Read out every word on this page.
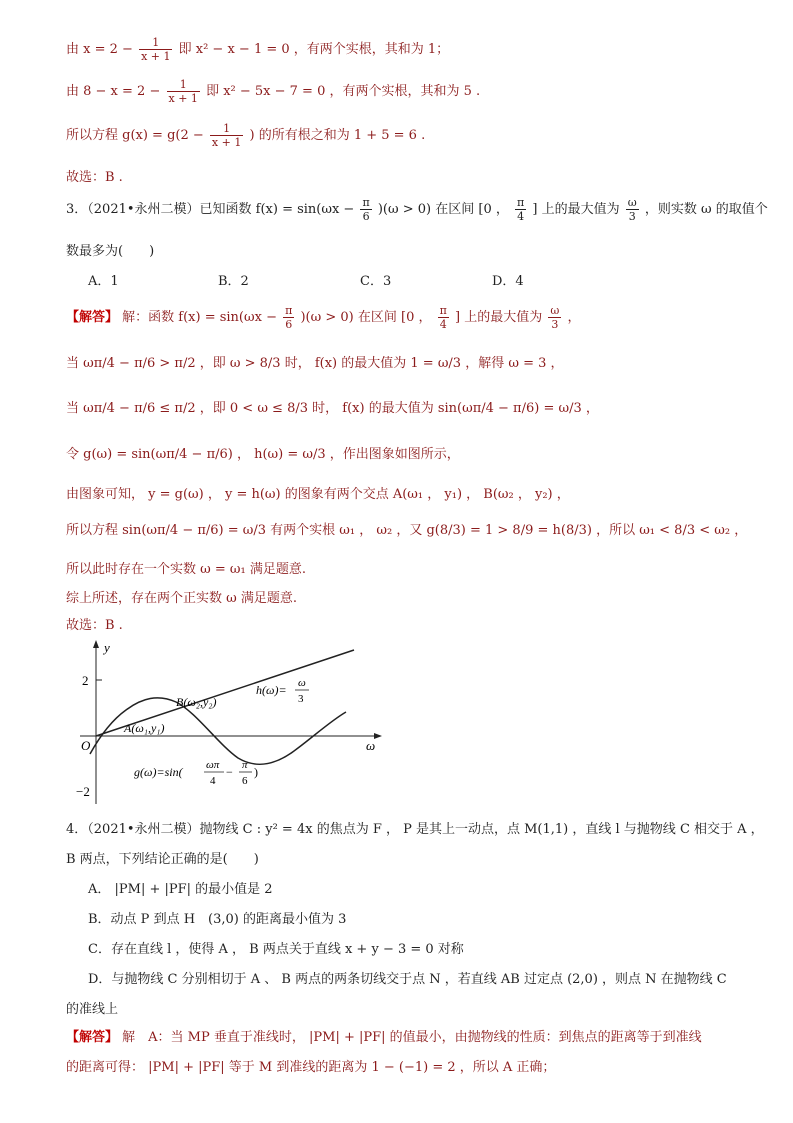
由 $x = 2 - \frac{1}{x + 1}$ 即 x² − x − 1 = 0 ，有两个实根，其和为 1；
由 $8 - x = 2 - \frac{1}{x + 1}$ 即 x² − 5x − 7 = 0 ，有两个实根，其和为 5 .
所以方程 $g(x) = g(2 - \frac{1}{x + 1}$ ) 的所有根之和为 1 + 5 = 6 .
故选：B .
3．（2021•永州二模）已知函数 $f(x) = \sin(\omega x - \frac{\pi}{6} )(\omega > 0)$ 在区间 [0 ， $\frac{\pi}{4}$ ] 上的最大值为 $\frac{\omega}{3}$ ，则实数 ω 的取值个
数最多为(　　)
A．1	B．2	C．3	D．4
【解答】 解：函数 $f(x) = \sin(\omega x - \frac{\pi}{6} )(\omega > 0)$ 在区间 [0 ， $\frac{\pi}{4}$ ] 上的最大值为 $\frac{\omega}{3}$ ，
当 ωπ/4 − π/6 > π/2 ，即 ω > 8/3 时， f(x) 的最大值为 1 = ω/3 ，解得 ω = 3 ，
当 ωπ/4 − π/6 ≤ π/2 ，即 0 < ω ≤ 8/3 时， f(x) 的最大值为 sin(ωπ/4 − π/6) = ω/3 ，
令 g(ω) = sin(ωπ/4 − π/6) ， h(ω) = ω/3 ，作出图象如图所示，
由图象可知， y = g(ω) ， y = h(ω) 的图象有两个交点 A(ω₁ ， y₁) ， B(ω₂ ， y₂) ，
所以方程 sin(ωπ/4 − π/6) = ω/3 有两个实根 ω₁ ， ω₂ ，又 g(8/3) = 1 > 8/9 = h(8/3) ，所以 ω₁ < 8/3 < ω₂ ，
所以此时存在一个实数 ω = ω₁ 满足题意.
综上所述，存在两个正实数 ω 满足题意.
故选：B .
y
ω
O
2
−2
B(ω₂,y₂)
A(ω₁,y₁)
h(ω)= ω
3
g(ω)=sin( ωπ
4
− π
6
)
4．（2021•永州二模）抛物线 C : y² = 4x 的焦点为 F ， P 是其上一动点，点 M(1,1) ，直线 l 与抛物线 C 相交于 A ，
B 两点，下列结论正确的是(　　)
A． |PM| + |PF| 的最小值是 2
B．动点 P 到点 H　(3,0) 的距离最小值为 3
C．存在直线 l ，使得 A ， B 两点关于直线 x + y − 3 = 0 对称
D．与抛物线 C 分别相切于 A 、 B 两点的两条切线交于点 N ，若直线 AB 过定点 (2,0) ，则点 N 在抛物线 C
的准线上
【解答】 解　A：当 MP 垂直于准线时， |PM| + |PF| 的值最小，由抛物线的性质：到焦点的距离等于到准线
的距离可得： |PM| + |PF| 等于 M 到准线的距离为 1 − (−1) = 2 ，所以 A 正确；
